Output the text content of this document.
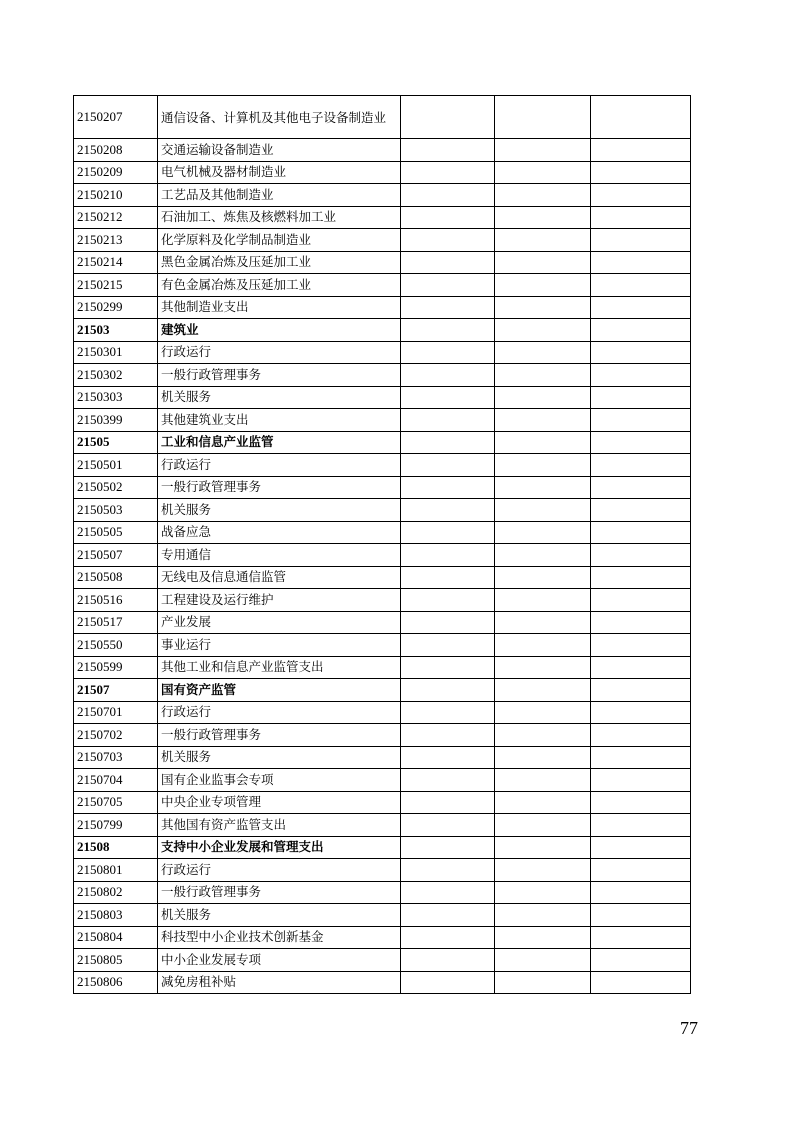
2150207	通信设备、计算机及其他电子设备制造业			
2150208	交通运输设备制造业			
2150209	电气机械及器材制造业			
2150210	工艺品及其他制造业			
2150212	石油加工、炼焦及核燃料加工业			
2150213	化学原料及化学制品制造业			
2150214	黑色金属冶炼及压延加工业			
2150215	有色金属冶炼及压延加工业			
2150299	其他制造业支出			
21503	建筑业			
2150301	行政运行			
2150302	一般行政管理事务			
2150303	机关服务			
2150399	其他建筑业支出			
21505	工业和信息产业监管			
2150501	行政运行			
2150502	一般行政管理事务			
2150503	机关服务			
2150505	战备应急			
2150507	专用通信			
2150508	无线电及信息通信监管			
2150516	工程建设及运行维护			
2150517	产业发展			
2150550	事业运行			
2150599	其他工业和信息产业监管支出			
21507	国有资产监管			
2150701	行政运行			
2150702	一般行政管理事务			
2150703	机关服务			
2150704	国有企业监事会专项			
2150705	中央企业专项管理			
2150799	其他国有资产监管支出			
21508	支持中小企业发展和管理支出			
2150801	行政运行			
2150802	一般行政管理事务			
2150803	机关服务			
2150804	科技型中小企业技术创新基金			
2150805	中小企业发展专项			
2150806	减免房租补贴			
77
